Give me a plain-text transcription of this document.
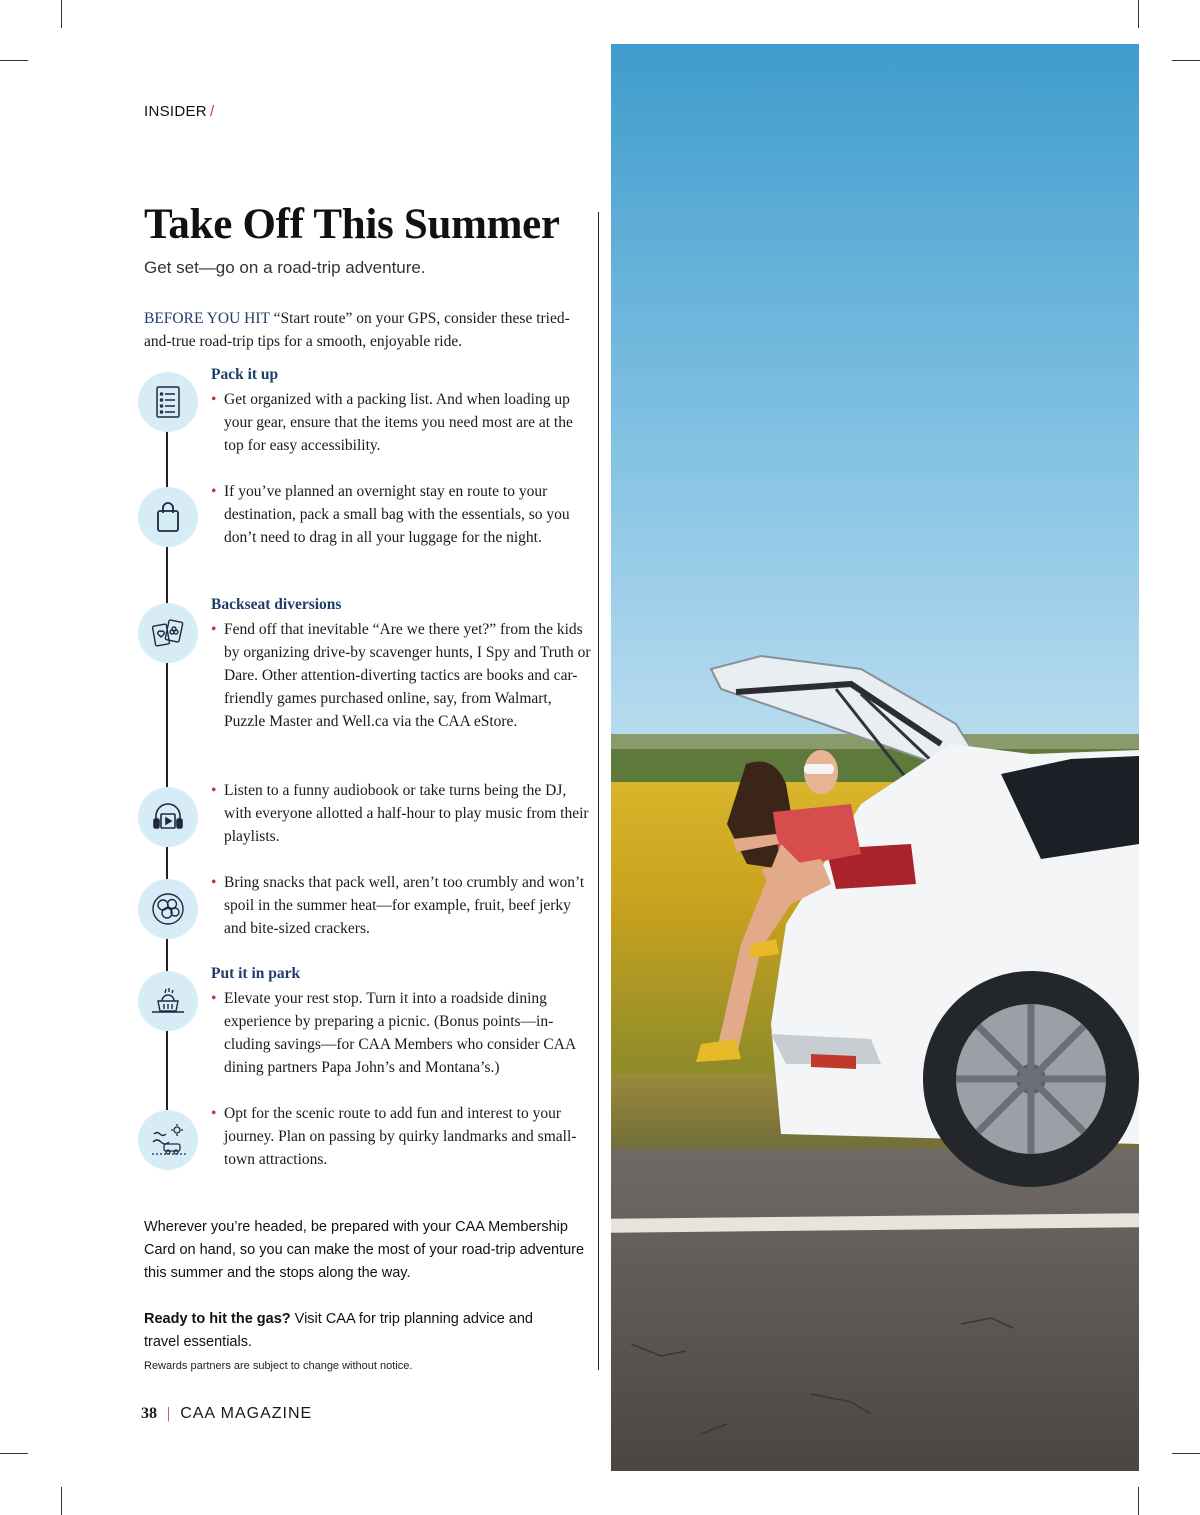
INSIDER /
Take Off This Summer
Get set—go on a road-trip adventure.
BEFORE YOU HIT “Start route” on your GPS, consider these tried-and-true road-trip tips for a smooth, enjoyable ride.
Pack it up
Backseat diversions
Put it in park
• Get organized with a packing list. And when loading up your gear, ensure that the items you need most are at the top for easy accessibility.
• If you’ve planned an overnight stay en route to your destination, pack a small bag with the essentials, so you don’t need to drag in all your luggage for the night.
• Fend off that inevitable “Are we there yet?” from the kids by organizing drive-by scavenger hunts, I Spy and Truth or Dare. Other attention-diverting tactics are books and car-friendly games purchased online, say, from Walmart, Puzzle Master and Well.ca via the CAA eStore.
• Listen to a funny audiobook or take turns being the DJ, with everyone allotted a half-hour to play music from their playlists.
• Bring snacks that pack well, aren’t too crumbly and won’t spoil in the summer heat—for example, fruit, beef jerky and bite-sized crackers.
• Elevate your rest stop. Turn it into a roadside dining experience by preparing a picnic. (Bonus points—in-cluding savings—for CAA Members who consider CAA dining partners Papa John’s and Montana’s.)
• Opt for the scenic route to add fun and interest to your journey. Plan on passing by quirky landmarks and small-town attractions.
Wherever you’re headed, be prepared with your CAA Membership Card on hand, so you can make the most of your road-trip adventure this summer and the stops along the way.
Ready to hit the gas? Visit CAA for trip planning advice and travel essentials.
Rewards partners are subject to change without notice.
38 | CAA MAGAZINE
